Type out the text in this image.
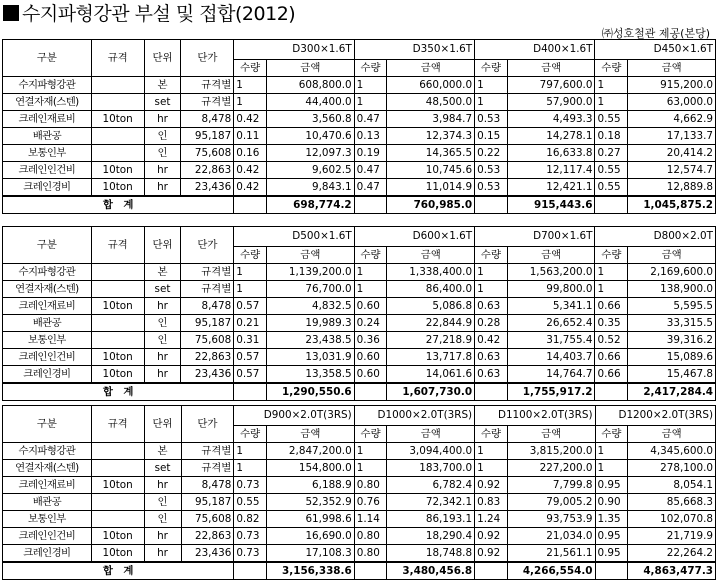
수지파형강관 부설 및 접합(2012)
㈜성호철관 제공(본당)
구분	규격	단위	단가	D300×1.6T		D350×1.6T		D400×1.6T		D450×1.6T	
				수량	금액	수량	금액	수량	금액	수량	금액
수지파형강관		본	규격별	1	608,800.0	1	660,000.0	1	797,600.0	1	915,200.0
연결자재(스텐)		set	규격별	1	44,400.0	1	48,500.0	1	57,900.0	1	63,000.0
크레인재료비	10ton	hr	8,478	0.42	3,560.8	0.47	3,984.7	0.53	4,493.3	0.55	4,662.9
배관공		인	95,187	0.11	10,470.6	0.13	12,374.3	0.15	14,278.1	0.18	17,133.7
보통인부		인	75,608	0.16	12,097.3	0.19	14,365.5	0.22	16,633.8	0.27	20,414.2
크레인인건비	10ton	hr	22,863	0.42	9,602.5	0.47	10,745.6	0.53	12,117.4	0.55	12,574.7
크레인경비	10ton	hr	23,436	0.42	9,843.1	0.47	11,014.9	0.53	12,421.1	0.55	12,889.8
합　계					698,774.2		760,985.0		915,443.6		1,045,875.2
구분	규격	단위	단가	D500×1.6T		D600×1.6T		D700×1.6T		D800×2.0T	
				수량	금액	수량	금액	수량	금액	수량	금액
수지파형강관		본	규격별	1	1,139,200.0	1	1,338,400.0	1	1,563,200.0	1	2,169,600.0
연결자재(스텐)		set	규격별	1	76,700.0	1	86,400.0	1	99,800.0	1	138,900.0
크레인재료비	10ton	hr	8,478	0.57	4,832.5	0.60	5,086.8	0.63	5,341.1	0.66	5,595.5
배관공		인	95,187	0.21	19,989.3	0.24	22,844.9	0.28	26,652.4	0.35	33,315.5
보통인부		인	75,608	0.31	23,438.5	0.36	27,218.9	0.42	31,755.4	0.52	39,316.2
크레인인건비	10ton	hr	22,863	0.57	13,031.9	0.60	13,717.8	0.63	14,403.7	0.66	15,089.6
크레인경비	10ton	hr	23,436	0.57	13,358.5	0.60	14,061.6	0.63	14,764.7	0.66	15,467.8
합　계					1,290,550.6		1,607,730.0		1,755,917.2		2,417,284.4
구분	규격	단위	단가	D900×2.0T(3RS)		D1000×2.0T(3RS)		D1100×2.0T(3RS)		D1200×2.0T(3RS)	
				수량	금액	수량	금액	수량	금액	수량	금액
수지파형강관		본	규격별	1	2,847,200.0	1	3,094,400.0	1	3,815,200.0	1	4,345,600.0
연결자재(스텐)		set	규격별	1	154,800.0	1	183,700.0	1	227,200.0	1	278,100.0
크레인재료비	10ton	hr	8,478	0.73	6,188.9	0.80	6,782.4	0.92	7,799.8	0.95	8,054.1
배관공		인	95,187	0.55	52,352.9	0.76	72,342.1	0.83	79,005.2	0.90	85,668.3
보통인부		인	75,608	0.82	61,998.6	1.14	86,193.1	1.24	93,753.9	1.35	102,070.8
크레인인건비	10ton	hr	22,863	0.73	16,690.0	0.80	18,290.4	0.92	21,034.0	0.95	21,719.9
크레인경비	10ton	hr	23,436	0.73	17,108.3	0.80	18,748.8	0.92	21,561.1	0.95	22,264.2
합　계					3,156,338.6		3,480,456.8		4,266,554.0		4,863,477.3
